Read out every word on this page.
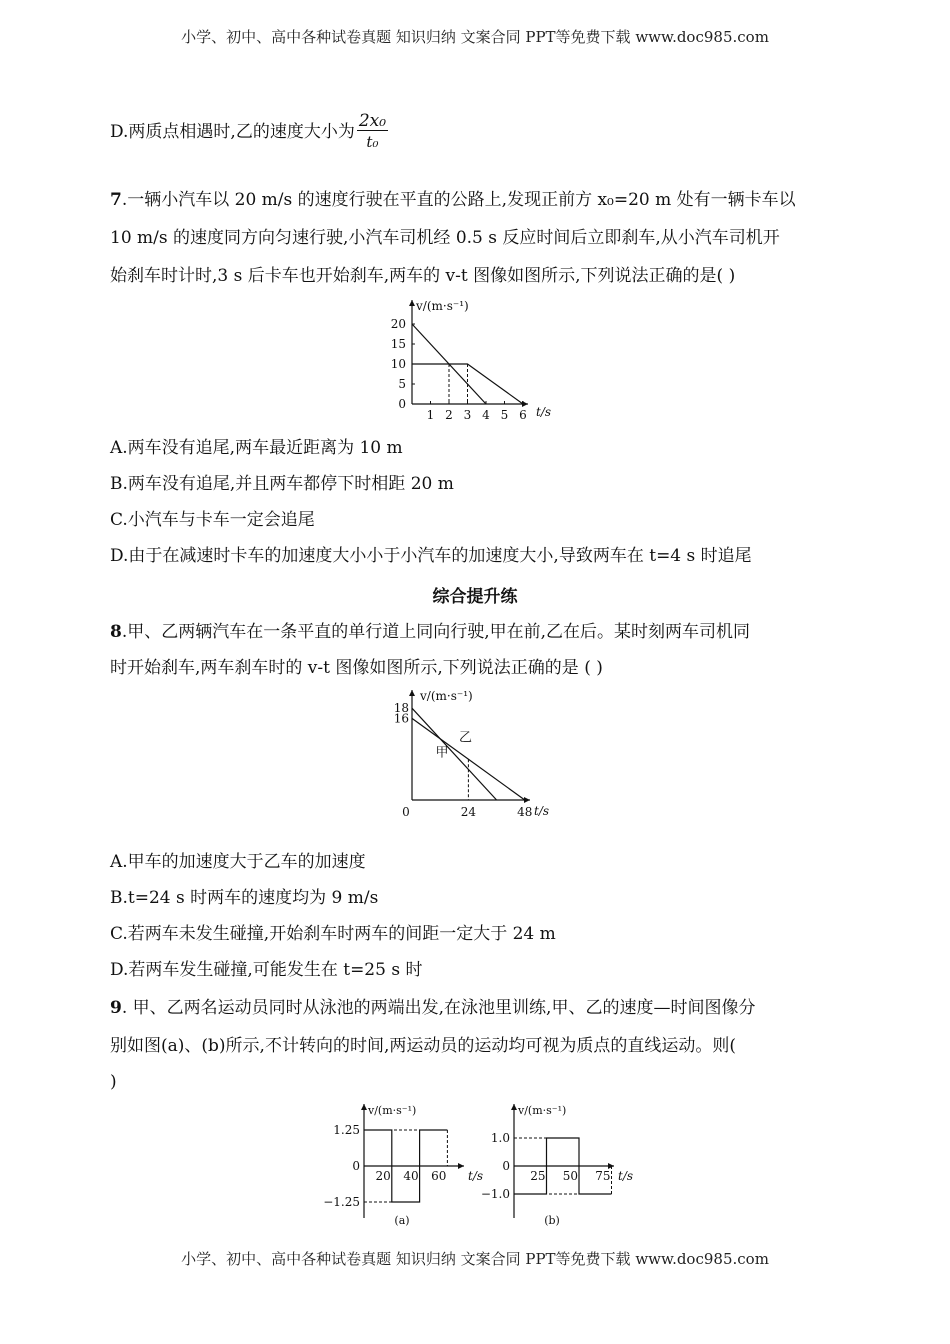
小学、初中、高中各种试卷真题 知识归纳 文案合同 PPT等免费下载 www.doc985.com
D.两质点相遇时,乙的速度大小为 $\frac{\text{2x₀}}{\text{t₀}}$
7.一辆小汽车以 20 m/s 的速度行驶在平直的公路上,发现正前方 x₀=20 m 处有一辆卡车以
10 m/s 的速度同方向匀速行驶,小汽车司机经 0.5 s 反应时间后立即刹车,从小汽车司机开
始刹车时计时,3 s 后卡车也开始刹车,两车的 v-t 图像如图所示,下列说法正确的是( )
v/(m·s⁻¹)
t/s
20
15
10
5
0
1 2 3 4 5 6
A.两车没有追尾,两车最近距离为 10 m
B.两车没有追尾,并且两车都停下时相距 20 m
C.小汽车与卡车一定会追尾
D.由于在减速时卡车的加速度大小小于小汽车的加速度大小,导致两车在 t=4 s 时追尾
综合提升练
8.甲、乙两辆汽车在一条平直的单行道上同向行驶,甲在前,乙在后。某时刻两车司机同
时开始刹车,两车刹车时的 v-t 图像如图所示,下列说法正确的是 ( )
v/(m·s⁻¹)
t/s
0
18
16
24	48
乙
甲
A.甲车的加速度大于乙车的加速度
B.t=24 s 时两车的速度均为 9 m/s
C.若两车未发生碰撞,开始刹车时两车的间距一定大于 24 m
D.若两车发生碰撞,可能发生在 t=25 s 时
9. 甲、乙两名运动员同时从泳池的两端出发,在泳池里训练,甲、乙的速度—时间图像分
别如图(a)、(b)所示,不计转向的时间,两运动员的运动均可视为质点的直线运动。则(
)
v/(m·s⁻¹)
t/s
1.25
0
−1.25
20 40 60
(a)
v/(m·s⁻¹)
t/s
1.0
0
−1.0
25 50 75
(b)
小学、初中、高中各种试卷真题 知识归纳 文案合同 PPT等免费下载 www.doc985.com
